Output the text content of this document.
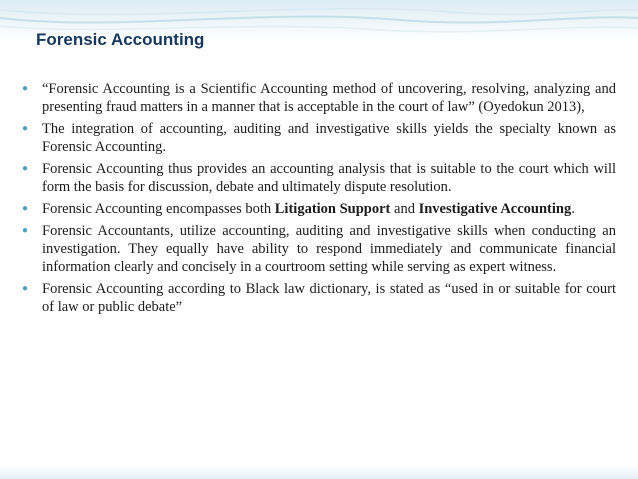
Forensic Accounting
● “Forensic Accounting is a Scientific Accounting method of uncovering, resolving, analyzing and presenting fraud matters in a manner that is acceptable in the court of law” (Oyedokun 2013),
● The integration of accounting, auditing and investigative skills yields the specialty known as Forensic Accounting.
● Forensic Accounting thus provides an accounting analysis that is suitable to the court which will form the basis for discussion, debate and ultimately dispute resolution.
● Forensic Accounting encompasses both Litigation Support and Investigative Accounting.
● Forensic Accountants, utilize accounting, auditing and investigative skills when conducting an investigation. They equally have ability to respond immediately and communicate financial information clearly and concisely in a courtroom setting while serving as expert witness.
● Forensic Accounting according to Black law dictionary, is stated as “used in or suitable for court of law or public debate”
